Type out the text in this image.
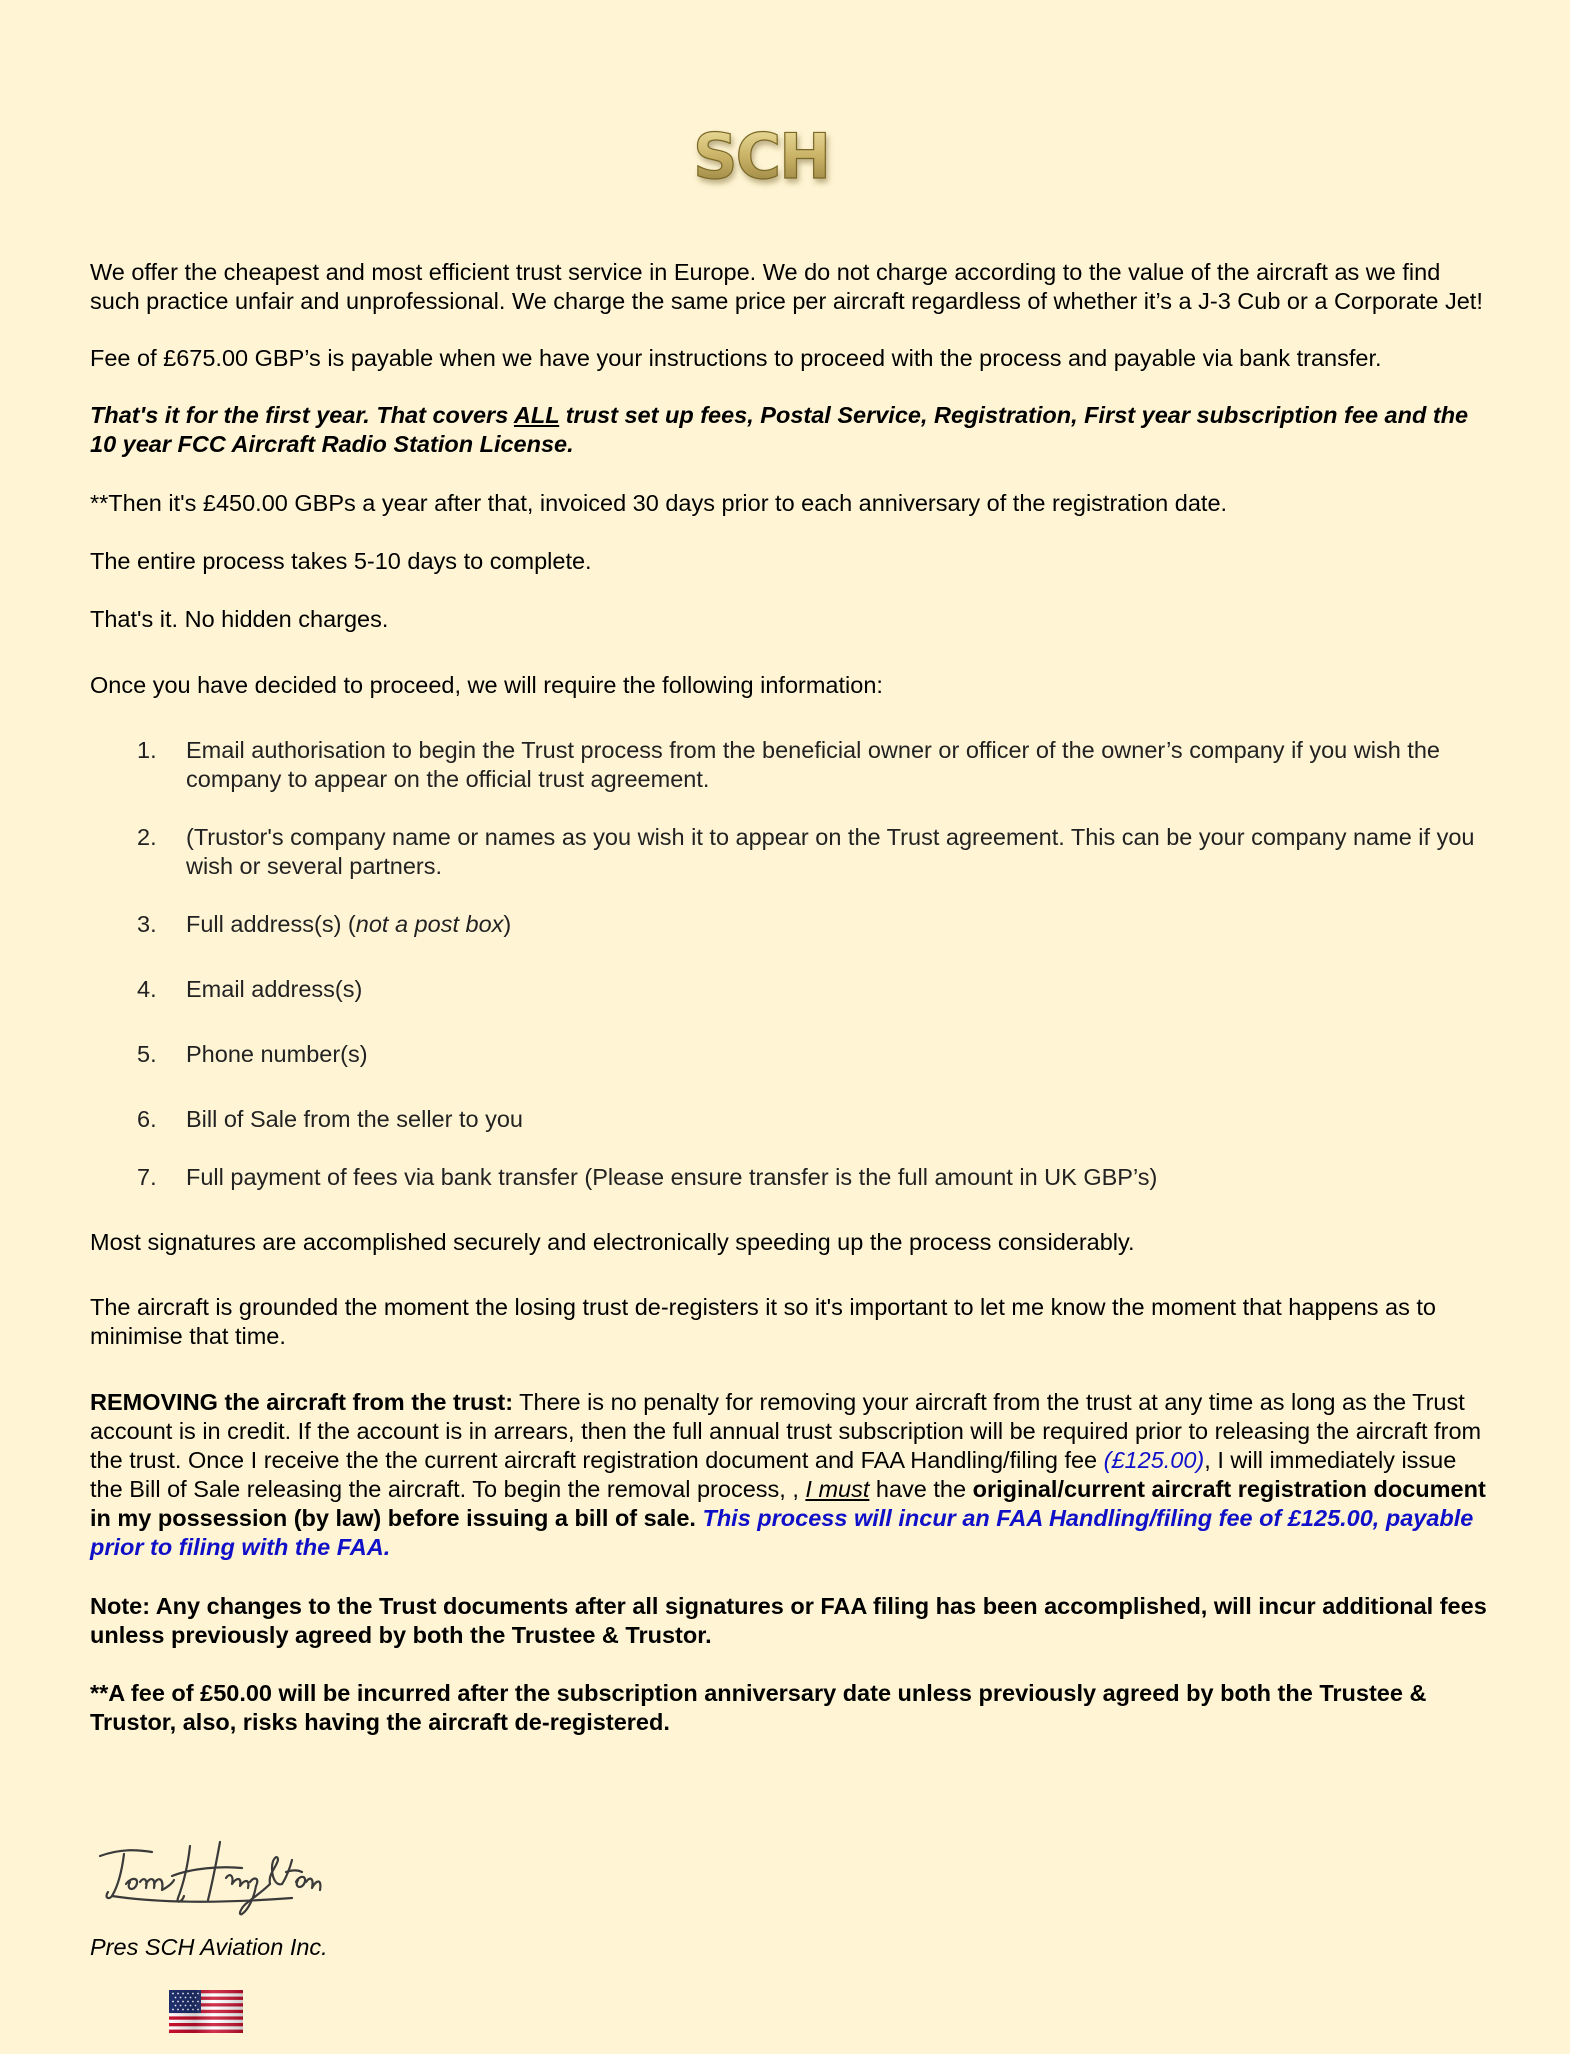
SCH

We offer the cheapest and most efficient trust service in Europe. We do not charge according to the value of the aircraft as we find such practice unfair and unprofessional. We charge the same price per aircraft regardless of whether it’s a J-3 Cub or a Corporate Jet!

Fee of £675.00 GBP’s is payable when we have your instructions to proceed with the process and payable via bank transfer.

That's it for the first year. That covers ALL trust set up fees, Postal Service, Registration, First year subscription fee and the 10 year FCC Aircraft Radio Station License.

**Then it's £450.00 GBPs a year after that, invoiced 30 days prior to each anniversary of the registration date.

The entire process takes 5-10 days to complete.

That's it. No hidden charges.

Once you have decided to proceed, we will require the following information:

1. Email authorisation to begin the Trust process from the beneficial owner or officer of the owner’s company if you wish the company to appear on the official trust agreement.
2. (Trustor's company name or names as you wish it to appear on the Trust agreement. This can be your company name if you wish or several partners.
3. Full address(s) (not a post box)
4. Email address(s)
5. Phone number(s)
6. Bill of Sale from the seller to you
7. Full payment of fees via bank transfer (Please ensure transfer is the full amount in UK GBP’s)

Most signatures are accomplished securely and electronically speeding up the process considerably.

The aircraft is grounded the moment the losing trust de-registers it so it's important to let me know the moment that happens as to minimise that time.

REMOVING the aircraft from the trust: There is no penalty for removing your aircraft from the trust at any time as long as the Trust account is in credit. If the account is in arrears, then the full annual trust subscription will be required prior to releasing the aircraft from the trust. Once I receive the the current aircraft registration document and FAA Handling/filing fee (£125.00), I will immediately issue the Bill of Sale releasing the aircraft. To begin the removal process, , I must have the original/current aircraft registration document in my possession (by law) before issuing a bill of sale. This process will incur an FAA Handling/filing fee of £125.00, payable prior to filing with the FAA.

Note: Any changes to the Trust documents after all signatures or FAA filing has been accomplished, will incur additional fees unless previously agreed by both the Trustee & Trustor.

**A fee of £50.00 will be incurred after the subscription anniversary date unless previously agreed by both the Trustee & Trustor, also, risks having the aircraft de-registered.

Pres SCH Aviation Inc.
